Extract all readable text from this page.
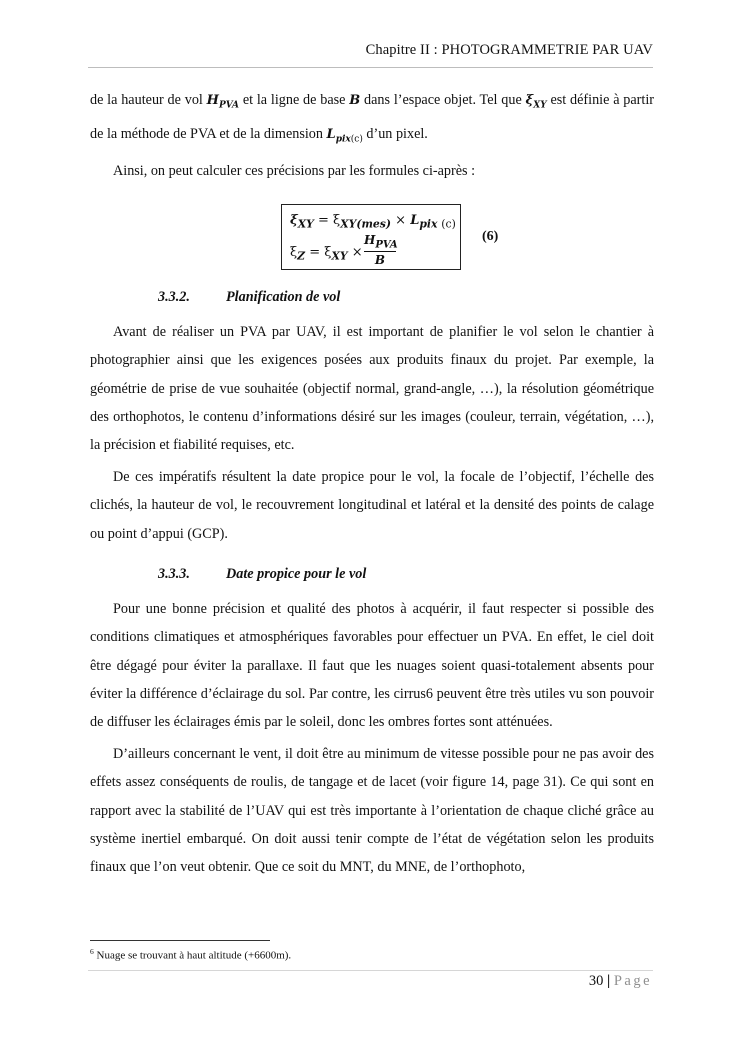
Chapitre II : PHOTOGRAMMETRIE PAR UAV

de la hauteur de vol $H_{PVA}$ et la ligne de base B dans l’espace objet. Tel que $\xi_{XY}$ est définie à partir de la méthode de PVA et de la dimension $L_{pix(c)}$ d’un pixel.

Ainsi, on peut calculer ces précisions par les formules ci-après :

$\xi_{XY} = \xi_{XY(mes)} \times L_{pix (c)}$
$\xi_Z = \xi_{XY}$ ×
$H_{PVA}$
B
(6)
3.3.2.	Planification de vol

Avant de réaliser un PVA par UAV, il est important de planifier le vol selon le chantier à photographier ainsi que les exigences posées aux produits finaux du projet. Par exemple, la géométrie de prise de vue souhaitée (objectif normal, grand-angle, …), la résolution géométrique des orthophotos, le contenu d’informations désiré sur les images (couleur, terrain, végétation, …), la précision et fiabilité requises, etc.

De ces impératifs résultent la date propice pour le vol, la focale de l’objectif, l’échelle des clichés, la hauteur de vol, le recouvrement longitudinal et latéral et la densité des points de calage ou point d’appui (GCP).

3.3.3.	Date propice pour le vol

Pour une bonne précision et qualité des photos à acquérir, il faut respecter si possible des conditions climatiques et atmosphériques favorables pour effectuer un PVA. En effet, le ciel doit être dégagé pour éviter la parallaxe. Il faut que les nuages soient quasi-totalement absents pour éviter la différence d’éclairage du sol. Par contre, les cirrus6 peuvent être très utiles vu son pouvoir de diffuser les éclairages émis par le soleil, donc les ombres fortes sont atténuées.

D’ailleurs concernant le vent, il doit être au minimum de vitesse possible pour ne pas avoir des effets assez conséquents de roulis, de tangage et de lacet (voir figure 14, page 31). Ce qui sont en rapport avec la stabilité de l’UAV qui est très importante à l’orientation de chaque cliché grâce au système inertiel embarqué. On doit aussi tenir compte de l’état de végétation selon les produits finaux que l’on veut obtenir. Que ce soit du MNT, du MNE, de l’orthophoto,

$^6$ Nuage se trouvant à haut altitude (+6600m).
30 | Page
